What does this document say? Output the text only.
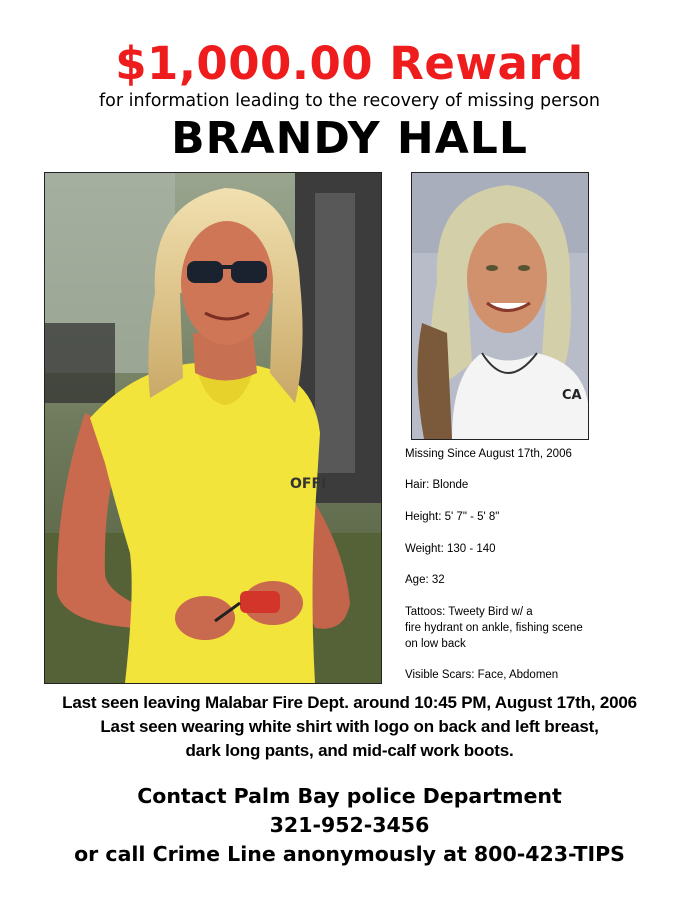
$1,000.00 Reward
for information leading to the recovery of missing person
BRANDY HALL
OFFI
CA
Missing Since August 17th, 2006
Hair: Blonde
Height: 5' 7" - 5' 8"
Weight: 130 - 140
Age: 32
Tattoos: Tweety Bird w/ a
fire hydrant on ankle, fishing scene
on low back
Visible Scars: Face, Abdomen
Last seen leaving Malabar Fire Dept. around 10:45 PM, August 17th, 2006
Last seen wearing white shirt with logo on back and left breast,
dark long pants, and mid-calf work boots.
Contact Palm Bay police Department
321-952-3456
or call Crime Line anonymously at 800-423-TIPS
